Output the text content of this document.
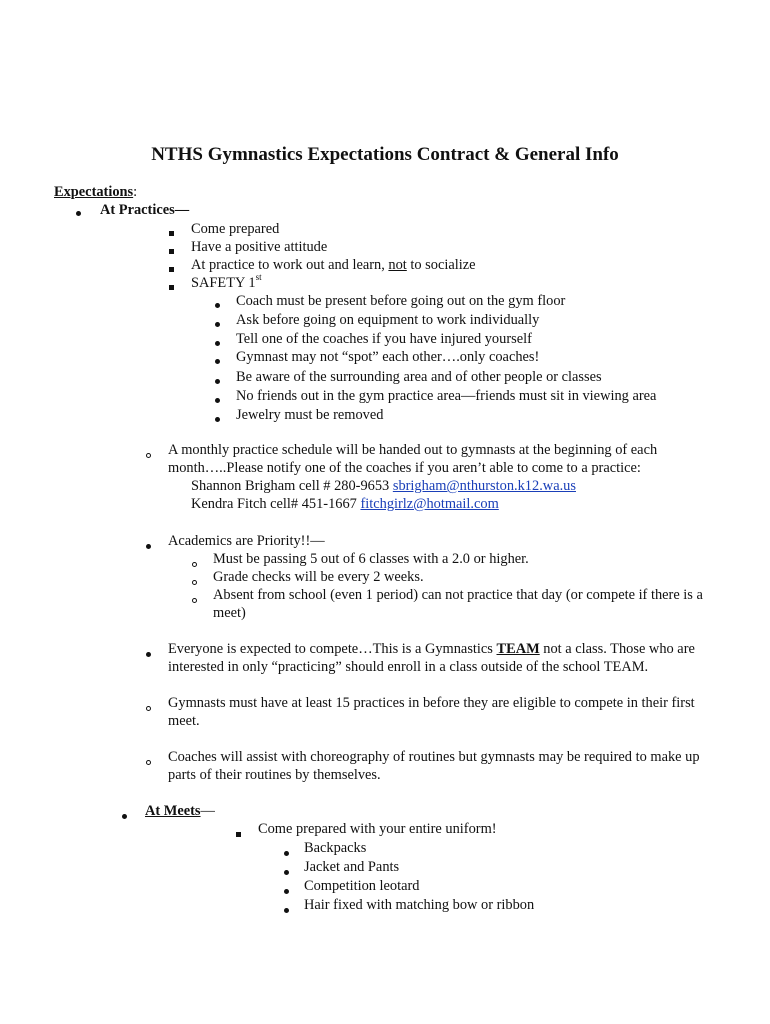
NTHS Gymnastics Expectations Contract & General Info
Expectations:
At Practices—
Come prepared
Have a positive attitude
At practice to work out and learn, not to socialize
SAFETY 1st
Coach must be present before going out on the gym floor
Ask before going on equipment to work individually
Tell one of the coaches if you have injured yourself
Gymnast may not “spot” each other….only coaches!
Be aware of the surrounding area and of other people or classes
No friends out in the gym practice area—friends must sit in viewing area
Jewelry must be removed
A monthly practice schedule will be handed out to gymnasts at the beginning of each
month…..Please notify one of the coaches if you aren’t able to come to a practice:
Shannon Brigham cell # 280-9653 sbrigham@nthurston.k12.wa.us
Kendra Fitch cell# 451-1667 fitchgirlz@hotmail.com
Academics are Priority!!—
Must be passing 5 out of 6 classes with a 2.0 or higher.
Grade checks will be every 2 weeks.
Absent from school (even 1 period) can not practice that day (or compete if there is a
meet)
Everyone is expected to compete…This is a Gymnastics TEAM not a class. Those who are
interested in only “practicing” should enroll in a class outside of the school TEAM.
Gymnasts must have at least 15 practices in before they are eligible to compete in their first
meet.
Coaches will assist with choreography of routines but gymnasts may be required to make up
parts of their routines by themselves.
At Meets—
Come prepared with your entire uniform!
Backpacks
Jacket and Pants
Competition leotard
Hair fixed with matching bow or ribbon
